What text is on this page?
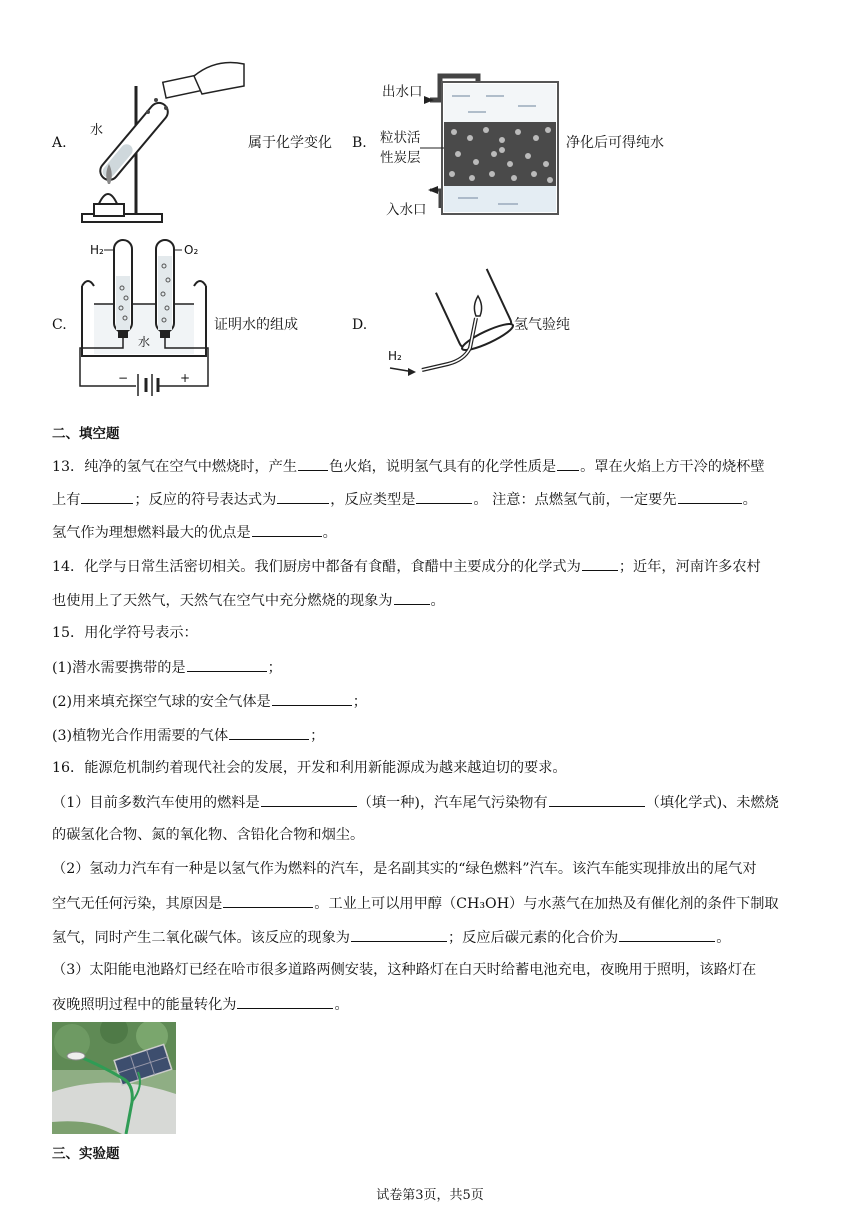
A.
水
属于化学变化 B.
出水口
粒状活
性炭层
入水口
净化后可得纯水
C.
H₂	O₂
水
−	+
证明水的组成	D.
H₂
氢气验纯
二、填空题
13．纯净的氢气在空气中燃烧时，产生 色火焰，说明氢气具有的化学性质是 。罩在火焰上方干冷的烧杯壁
上有	；反应的符号表达式为	，反应类型是	。 注意：点燃氢气前，一定要先	。
氢气作为理想燃料最大的优点是	。
14．化学与日常生活密切相关。我们厨房中都备有食醋，食醋中主要成分的化学式为	；近年，河南许多农村
也使用上了天然气，天然气在空气中充分燃烧的现象为	。
15．用化学符号表示：
(1)潜水需要携带的是	；
(2)用来填充探空气球的安全气体是	；
(3)植物光合作用需要的气体	；
16．能源危机制约着现代社会的发展，开发和利用新能源成为越来越迫切的要求。
（1）目前多数汽车使用的燃料是	（填一种)，汽车尾气污染物有	（填化学式)、未燃烧
的碳氢化合物、氮的氧化物、含铅化合物和烟尘。
（2）氢动力汽车有一种是以氢气作为燃料的汽车，是名副其实的“绿色燃料”汽车。该汽车能实现排放出的尾气对
空气无任何污染，其原因是	。工业上可以用甲醇（CH₃OH）与水蒸气在加热及有催化剂的条件下制取
氢气，同时产生二氧化碳气体。该反应的现象为	；反应后碳元素的化合价为	。
（3）太阳能电池路灯已经在哈市很多道路两侧安装，这种路灯在白天时给蓄电池充电，夜晚用于照明，该路灯在
夜晚照明过程中的能量转化为	。
三、实验题
试卷第3页，共5页
